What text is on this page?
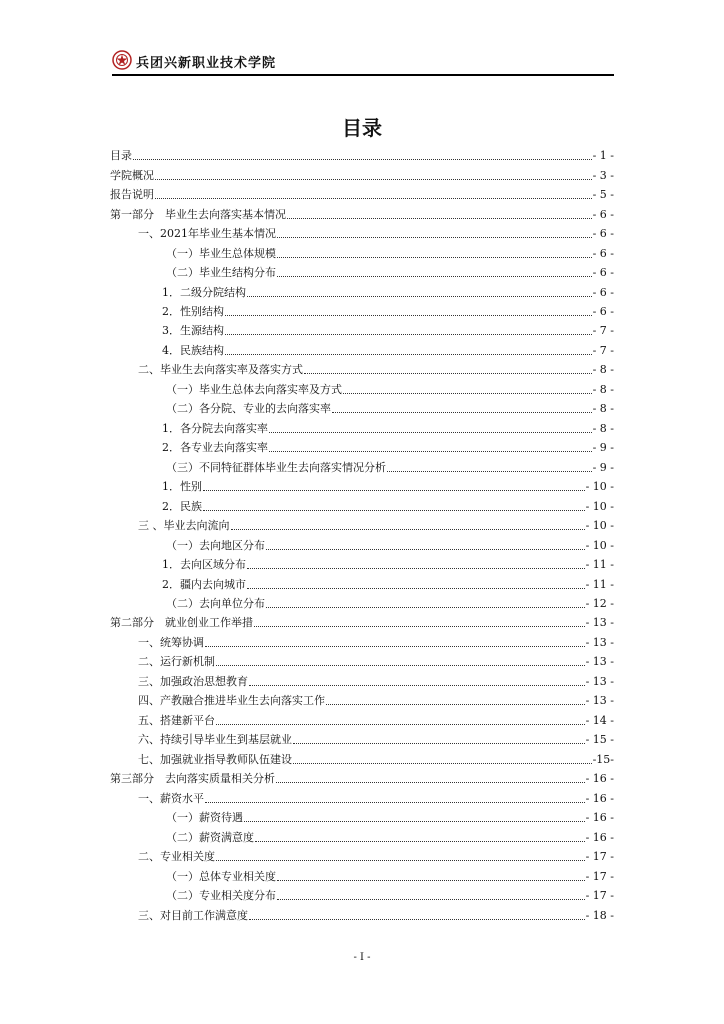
兵团兴新职业技术学院
目录
目录	- 1 -
学院概况	- 3 -
报告说明	- 5 -
第一部分　毕业生去向落实基本情况	- 6 -
一、2021年毕业生基本情况	- 6 -
（一）毕业生总体规模	- 6 -
（二）毕业生结构分布	- 6 -
1．二级分院结构	- 6 -
2．性别结构	- 6 -
3．生源结构	- 7 -
4．民族结构	- 7 -
二、毕业生去向落实率及落实方式	- 8 -
（一）毕业生总体去向落实率及方式	- 8 -
（二）各分院、专业的去向落实率	- 8 -
1．各分院去向落实率	- 8 -
2．各专业去向落实率	- 9 -
（三）不同特征群体毕业生去向落实情况分析	- 9 -
1．性别	- 10 -
2．民族	- 10 -
三 、毕业去向流向	- 10 -
（一）去向地区分布	- 10 -
1．去向区域分布	- 11 -
2．疆内去向城市	- 11 -
（二）去向单位分布	- 12 -
第二部分　就业创业工作举措	- 13 -
一、统筹协调	- 13 -
二、运行新机制	- 13 -
三、加强政治思想教育	- 13 -
四、产教融合推进毕业生去向落实工作	- 13 -
五、搭建新平台	- 14 -
六、持续引导毕业生到基层就业	- 15 -
七、加强就业指导教师队伍建设	-15-
第三部分　去向落实质量相关分析	- 16 -
一、薪资水平	- 16 -
（一）薪资待遇	- 16 -
（二）薪资满意度	- 16 -
二、专业相关度	- 17 -
（一）总体专业相关度	- 17 -
（二）专业相关度分布	- 17 -
三、对目前工作满意度	- 18 -
- I -
